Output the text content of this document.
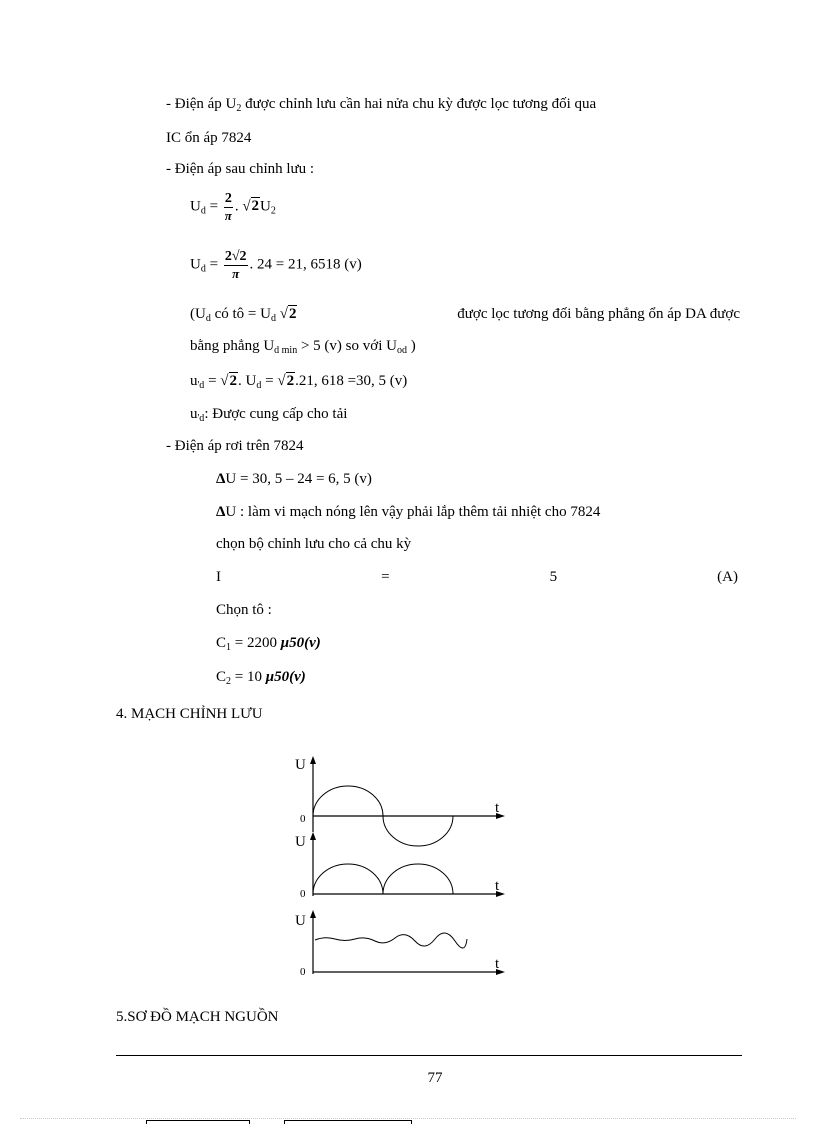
- Điện áp $U_2$ được chỉnh lưu cần hai nửa chu kỳ được lọc tương đối qua
IC ổn áp 7824
- Điện áp sau chỉnh lưu :
$U_d = \frac{2}{\pi}$ . $√2U_2$
$U_d = \frac{2√2}{\pi}$ . 24 = 21, 6518 (v)
($U_d$ có tô = $U_d$ √2	được lọc tương đối bằng phẳng ổn áp DA được
bằng phẳng $U_{d min} > 5$ (v) so với $U_{od}$ )
$u_{'d} = √2$. $U_d = √2.21$, 618 =30, 5 (v)
$u_{'d}$: Được cung cấp cho tải
- Điện áp rơi trên 7824
ΔU = 30, 5 – 24 = 6, 5 (v)
ΔU : làm vi mạch nóng lên vậy phải lắp thêm tải nhiệt cho 7824
chọn bộ chỉnh lưu cho cả chu kỳ
I	=	5	(A)
Chọn tô :
$C_1 = 2200$ μ50(v)
$C_2 = 10$ μ50(v)
4. MẠCH CHỈNH LƯU
U
0
t
U
0	t
U
0	t
5.SƠ ĐỒ MẠCH NGUỒN
77
